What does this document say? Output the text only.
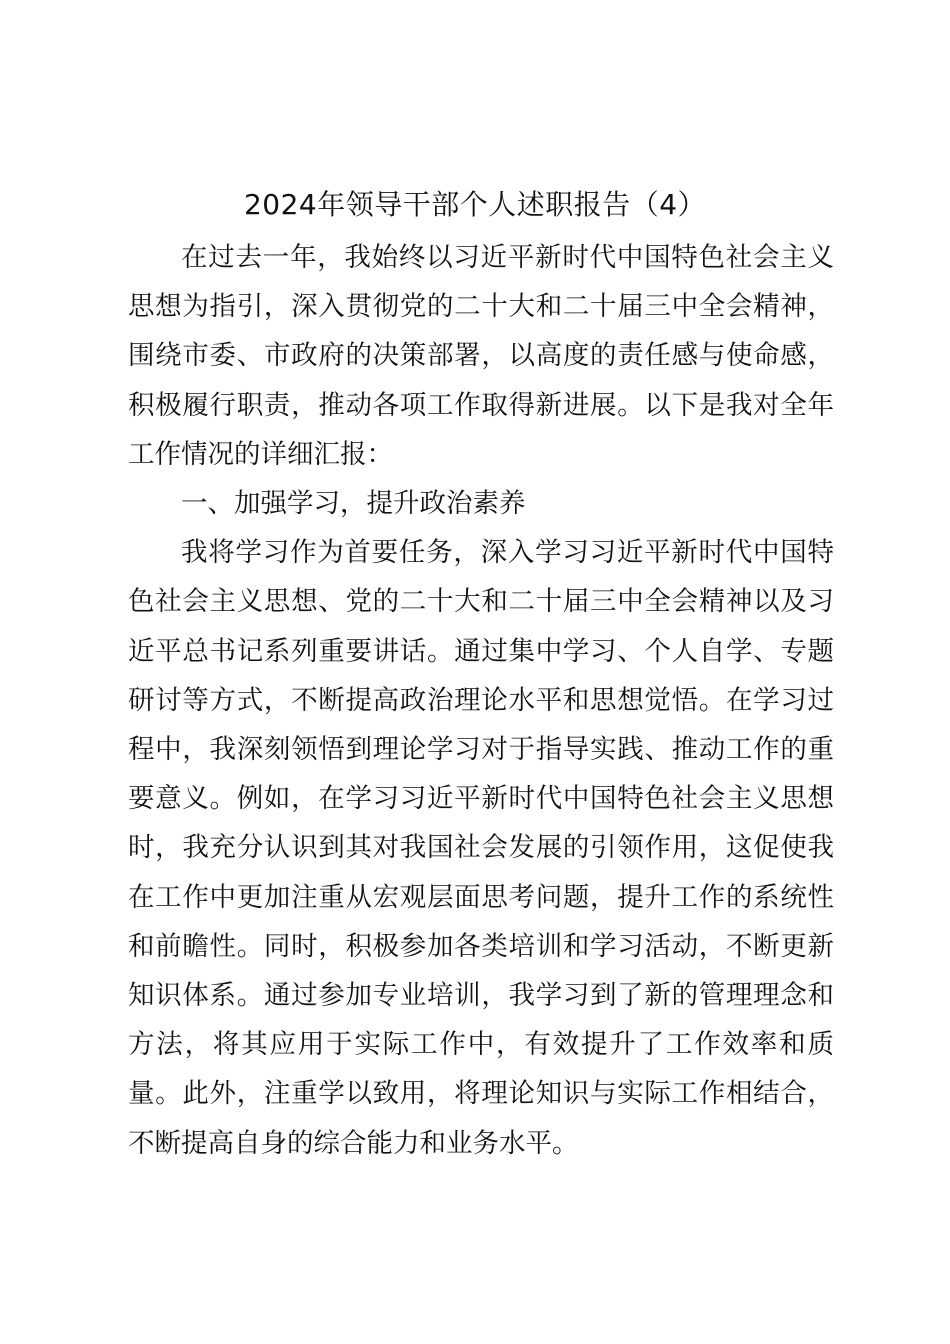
2024年领导干部个人述职报告（4）

在过去一年，我始终以习近平新时代中国特色社会主义思想为指引，深入贯彻党的二十大和二十届三中全会精神，围绕市委、市政府的决策部署，以高度的责任感与使命感，积极履行职责，推动各项工作取得新进展。以下是我对全年工作情况的详细汇报：

一、加强学习，提升政治素养

我将学习作为首要任务，深入学习习近平新时代中国特色社会主义思想、党的二十大和二十届三中全会精神以及习近平总书记系列重要讲话。通过集中学习、个人自学、专题研讨等方式，不断提高政治理论水平和思想觉悟。在学习过程中，我深刻领悟到理论学习对于指导实践、推动工作的重要意义。例如，在学习习近平新时代中国特色社会主义思想时，我充分认识到其对我国社会发展的引领作用，这促使我在工作中更加注重从宏观层面思考问题，提升工作的系统性和前瞻性。同时，积极参加各类培训和学习活动，不断更新知识体系。通过参加专业培训，我学习到了新的管理理念和方法，将其应用于实际工作中，有效提升了工作效率和质量。此外，注重学以致用，将理论知识与实际工作相结合，不断提高自身的综合能力和业务水平。
